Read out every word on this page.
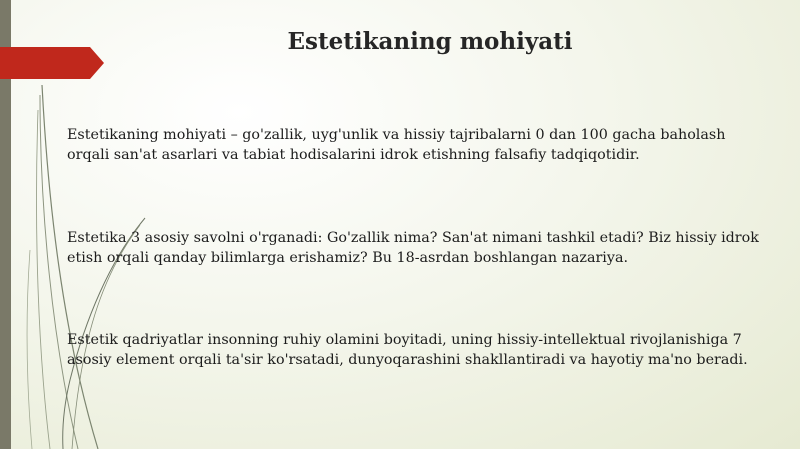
Estetikaning mohiyati

Estetikaning mohiyati – go'zallik, uyg'unlik va hissiy tajribalarni 0 dan 100 gacha baholash orqali san'at asarlari va tabiat hodisalarini idrok etishning falsafiy tadqiqotidir.

Estetika 3 asosiy savolni o'rganadi: Go'zallik nima? San'at nimani tashkil etadi? Biz hissiy idrok etish orqali qanday bilimlarga erishamiz? Bu 18-asrdan boshlangan nazariya.

Estetik qadriyatlar insonning ruhiy olamini boyitadi, uning hissiy-intellektual rivojlanishiga 7 asosiy element orqali ta'sir ko'rsatadi, dunyoqarashini shakllantiradi va hayotiy ma'no beradi.
